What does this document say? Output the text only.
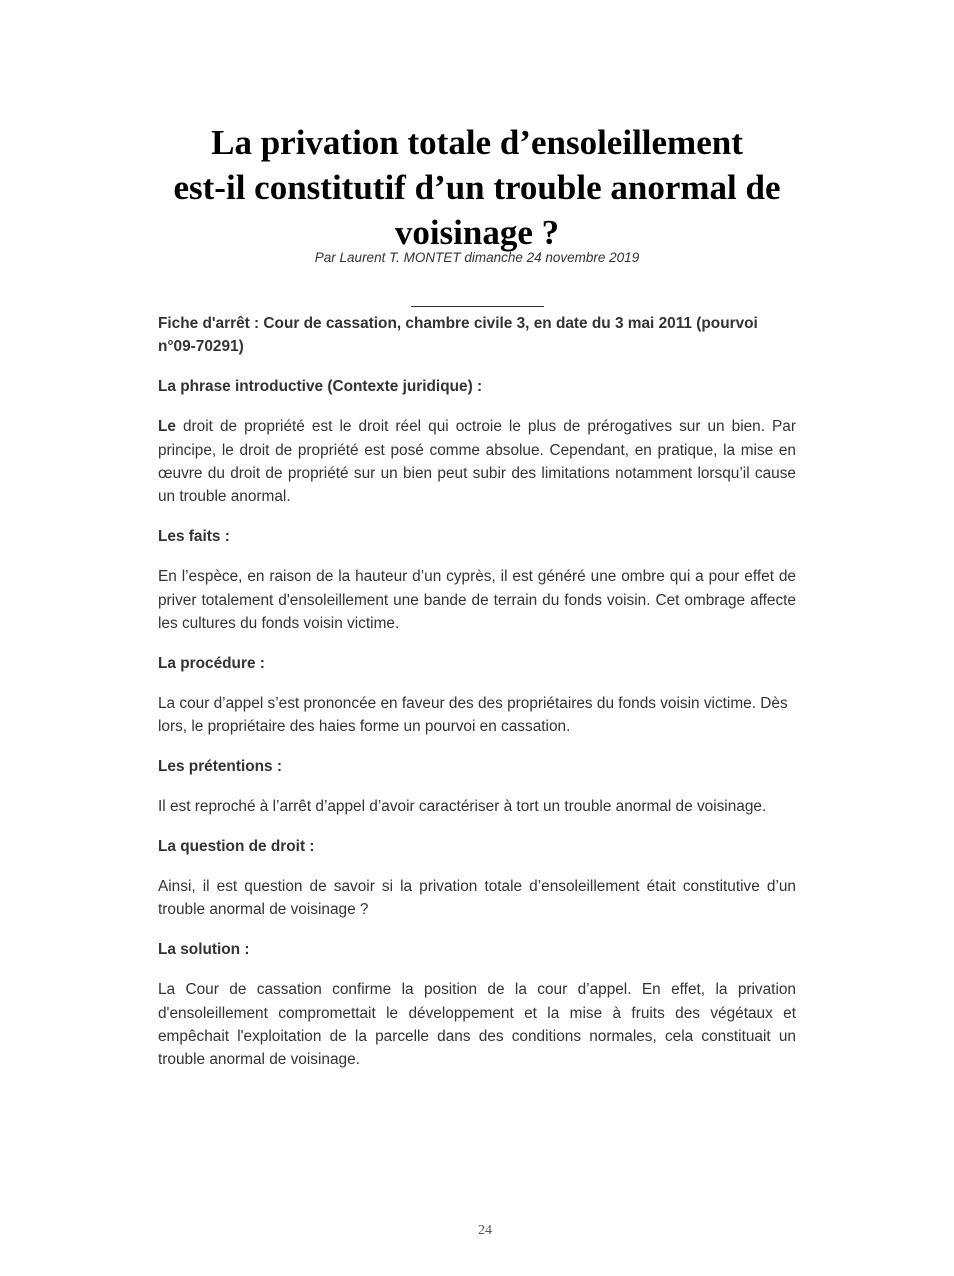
La privation totale d’ensoleillement
est-il constitutif d’un trouble anormal de
voisinage ?
Par Laurent T. MONTET dimanche 24 novembre 2019

Fiche d'arrêt : Cour de cassation, chambre civile 3, en date du 3 mai 2011 (pourvoi n°09-70291)

La phrase introductive (Contexte juridique) :

Le droit de propriété est le droit réel qui octroie le plus de prérogatives sur un bien. Par principe, le droit de propriété est posé comme absolue. Cependant, en pratique, la mise en œuvre du droit de propriété sur un bien peut subir des limitations notamment lorsqu’il cause un trouble anormal.

Les faits :

En l’espèce, en raison de la hauteur d’un cyprès, il est généré une ombre qui a pour effet de priver totalement d'ensoleillement une bande de terrain du fonds voisin. Cet ombrage affecte les cultures du fonds voisin victime.

La procédure :

La cour d’appel s’est prononcée en faveur des des propriétaires du fonds voisin victime. Dès lors, le propriétaire des haies forme un pourvoi en cassation.

Les prétentions :

Il est reproché à l’arrêt d’appel d’avoir caractériser à tort un trouble anormal de voisinage.

La question de droit :

Ainsi, il est question de savoir si la privation totale d’ensoleillement était constitutive d’un trouble anormal de voisinage ?

La solution :

La Cour de cassation confirme la position de la cour d’appel. En effet, la privation d'ensoleillement compromettait le développement et la mise à fruits des végétaux et empêchait l'exploitation de la parcelle dans des conditions normales, cela constituait un trouble anormal de voisinage.

24
